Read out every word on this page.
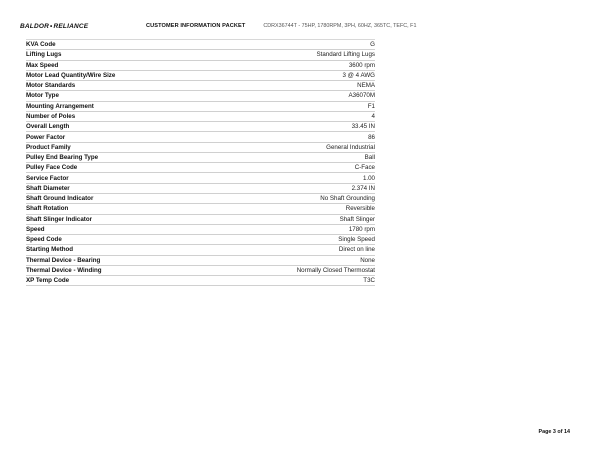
BALDOR•RELIANCE	CUSTOMER INFORMATION PACKET	CDRX36744T - 75HP, 1780RPM, 3PH, 60HZ, 365TC, TEFC, F1
KVA Code	G
Lifting Lugs	Standard Lifting Lugs
Max Speed	3600 rpm
Motor Lead Quantity/Wire Size	3 @ 4 AWG
Motor Standards	NEMA
Motor Type	A36070M
Mounting Arrangement	F1
Number of Poles	4
Overall Length	33.45 IN
Power Factor	86
Product Family	General Industrial
Pulley End Bearing Type	Ball
Pulley Face Code	C-Face
Service Factor	1.00
Shaft Diameter	2.374 IN
Shaft Ground Indicator	No Shaft Grounding
Shaft Rotation	Reversible
Shaft Slinger Indicator	Shaft Slinger
Speed	1780 rpm
Speed Code	Single Speed
Starting Method	Direct on line
Thermal Device - Bearing	None
Thermal Device - Winding	Normally Closed Thermostat
XP Temp Code	T3C
Page 3 of 14
